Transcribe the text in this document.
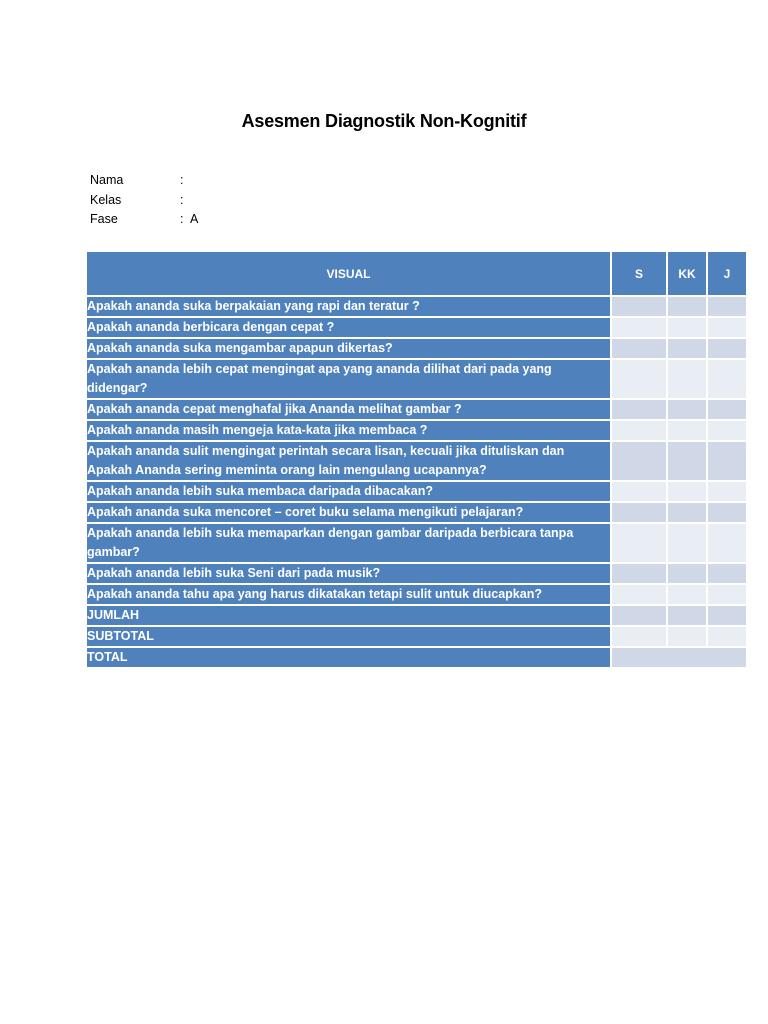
Asesmen Diagnostik Non-Kognitif
Nama	:
Kelas	:
Fase	: A
VISUAL	S	KK	J
Apakah ananda suka berpakaian yang rapi dan teratur ?			
Apakah ananda berbicara dengan cepat ?			
Apakah ananda suka mengambar apapun dikertas?			
Apakah ananda lebih cepat mengingat apa yang ananda dilihat dari pada yang didengar?			
Apakah ananda cepat menghafal jika Ananda melihat gambar ?			
Apakah ananda masih mengeja kata-kata jika membaca ?			
Apakah ananda sulit mengingat perintah secara lisan, kecuali jika dituliskan dan Apakah Ananda sering meminta orang lain mengulang ucapannya?			
Apakah ananda lebih suka membaca daripada dibacakan?			
Apakah ananda suka mencoret – coret buku selama mengikuti pelajaran?			
Apakah ananda lebih suka memaparkan dengan gambar daripada berbicara tanpa gambar?			
Apakah ananda lebih suka Seni dari pada musik?			
Apakah ananda tahu apa yang harus dikatakan tetapi sulit untuk diucapkan?			
JUMLAH			
SUBTOTAL			
TOTAL			
